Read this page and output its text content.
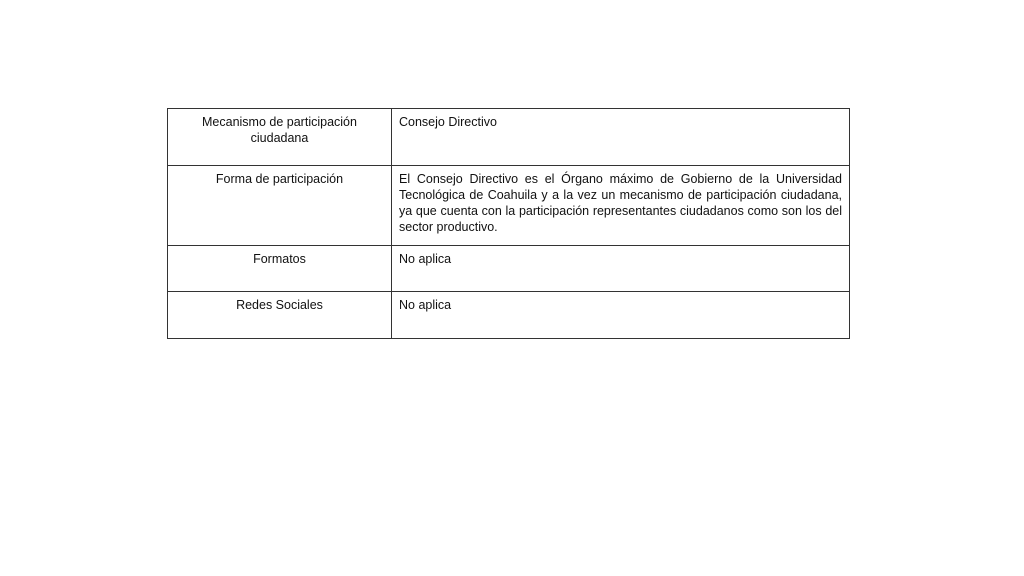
Mecanismo de participación ciudadana	Consejo Directivo
Forma de participación	El Consejo Directivo es el Órgano máximo de Gobierno de la Universidad Tecnológica de Coahuila y a la vez un mecanismo de participación ciudadana, ya que cuenta con la participación representantes ciudadanos como son los del sector productivo.
Formatos	No aplica
Redes Sociales	No aplica
